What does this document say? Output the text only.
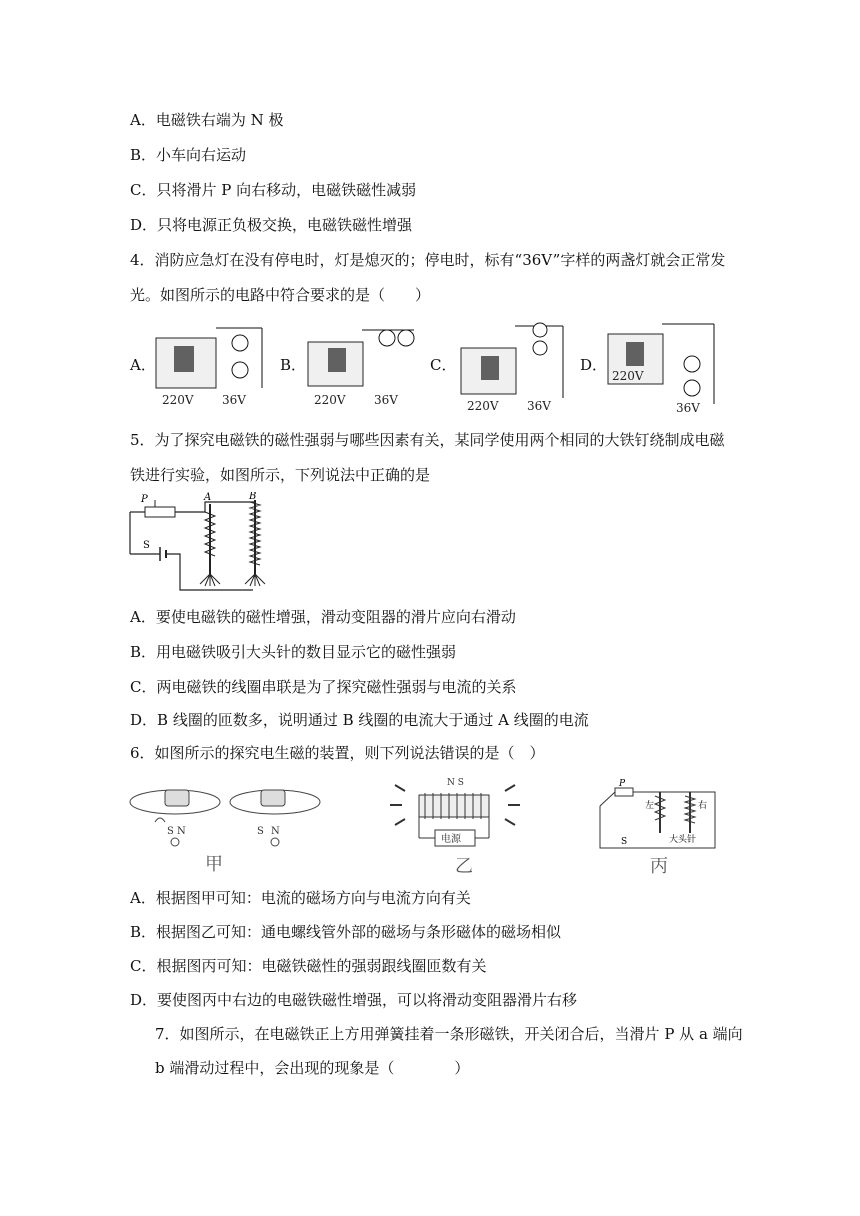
A．电磁铁右端为 N 极
B．小车向右运动
C．只将滑片 P 向右移动，电磁铁磁性减弱
D．只将电源正负极交换，电磁铁磁性增强
4．消防应急灯在没有停电时，灯是熄灭的；停电时，标有“36V”字样的两盏灯就会正常发
光。如图所示的电路中符合要求的是（　　）
A．
220V 36V
B．
220V 36V
C．
220V 36V
D．
220V
36V
5．为了探究电磁铁的磁性强弱与哪些因素有关，某同学使用两个相同的大铁钉绕制成电磁
铁进行实验，如图所示，下列说法中正确的是
P	A	B
S
A．要使电磁铁的磁性增强，滑动变阻器的滑片应向右滑动
B．用电磁铁吸引大头针的数目显示它的磁性强弱
C．两电磁铁的线圈串联是为了探究磁性强弱与电流的关系
D．B 线圈的匝数多，说明通过 B 线圈的电流大于通过 A 线圈的电流
6．如图所示的探究电生磁的装置，则下列说法错误的是（　）
S N	S N
甲
电源
N S
乙
P
左	右
大头针
S
丙
A．根据图甲可知：电流的磁场方向与电流方向有关
B．根据图乙可知：通电螺线管外部的磁场与条形磁体的磁场相似
C．根据图丙可知：电磁铁磁性的强弱跟线圈匝数有关
D．要使图丙中右边的电磁铁磁性增强，可以将滑动变阻器滑片右移
7．如图所示，在电磁铁正上方用弹簧挂着一条形磁铁，开关闭合后，当滑片 P 从 a 端向
b 端滑动过程中，会出现的现象是（　　　　）
